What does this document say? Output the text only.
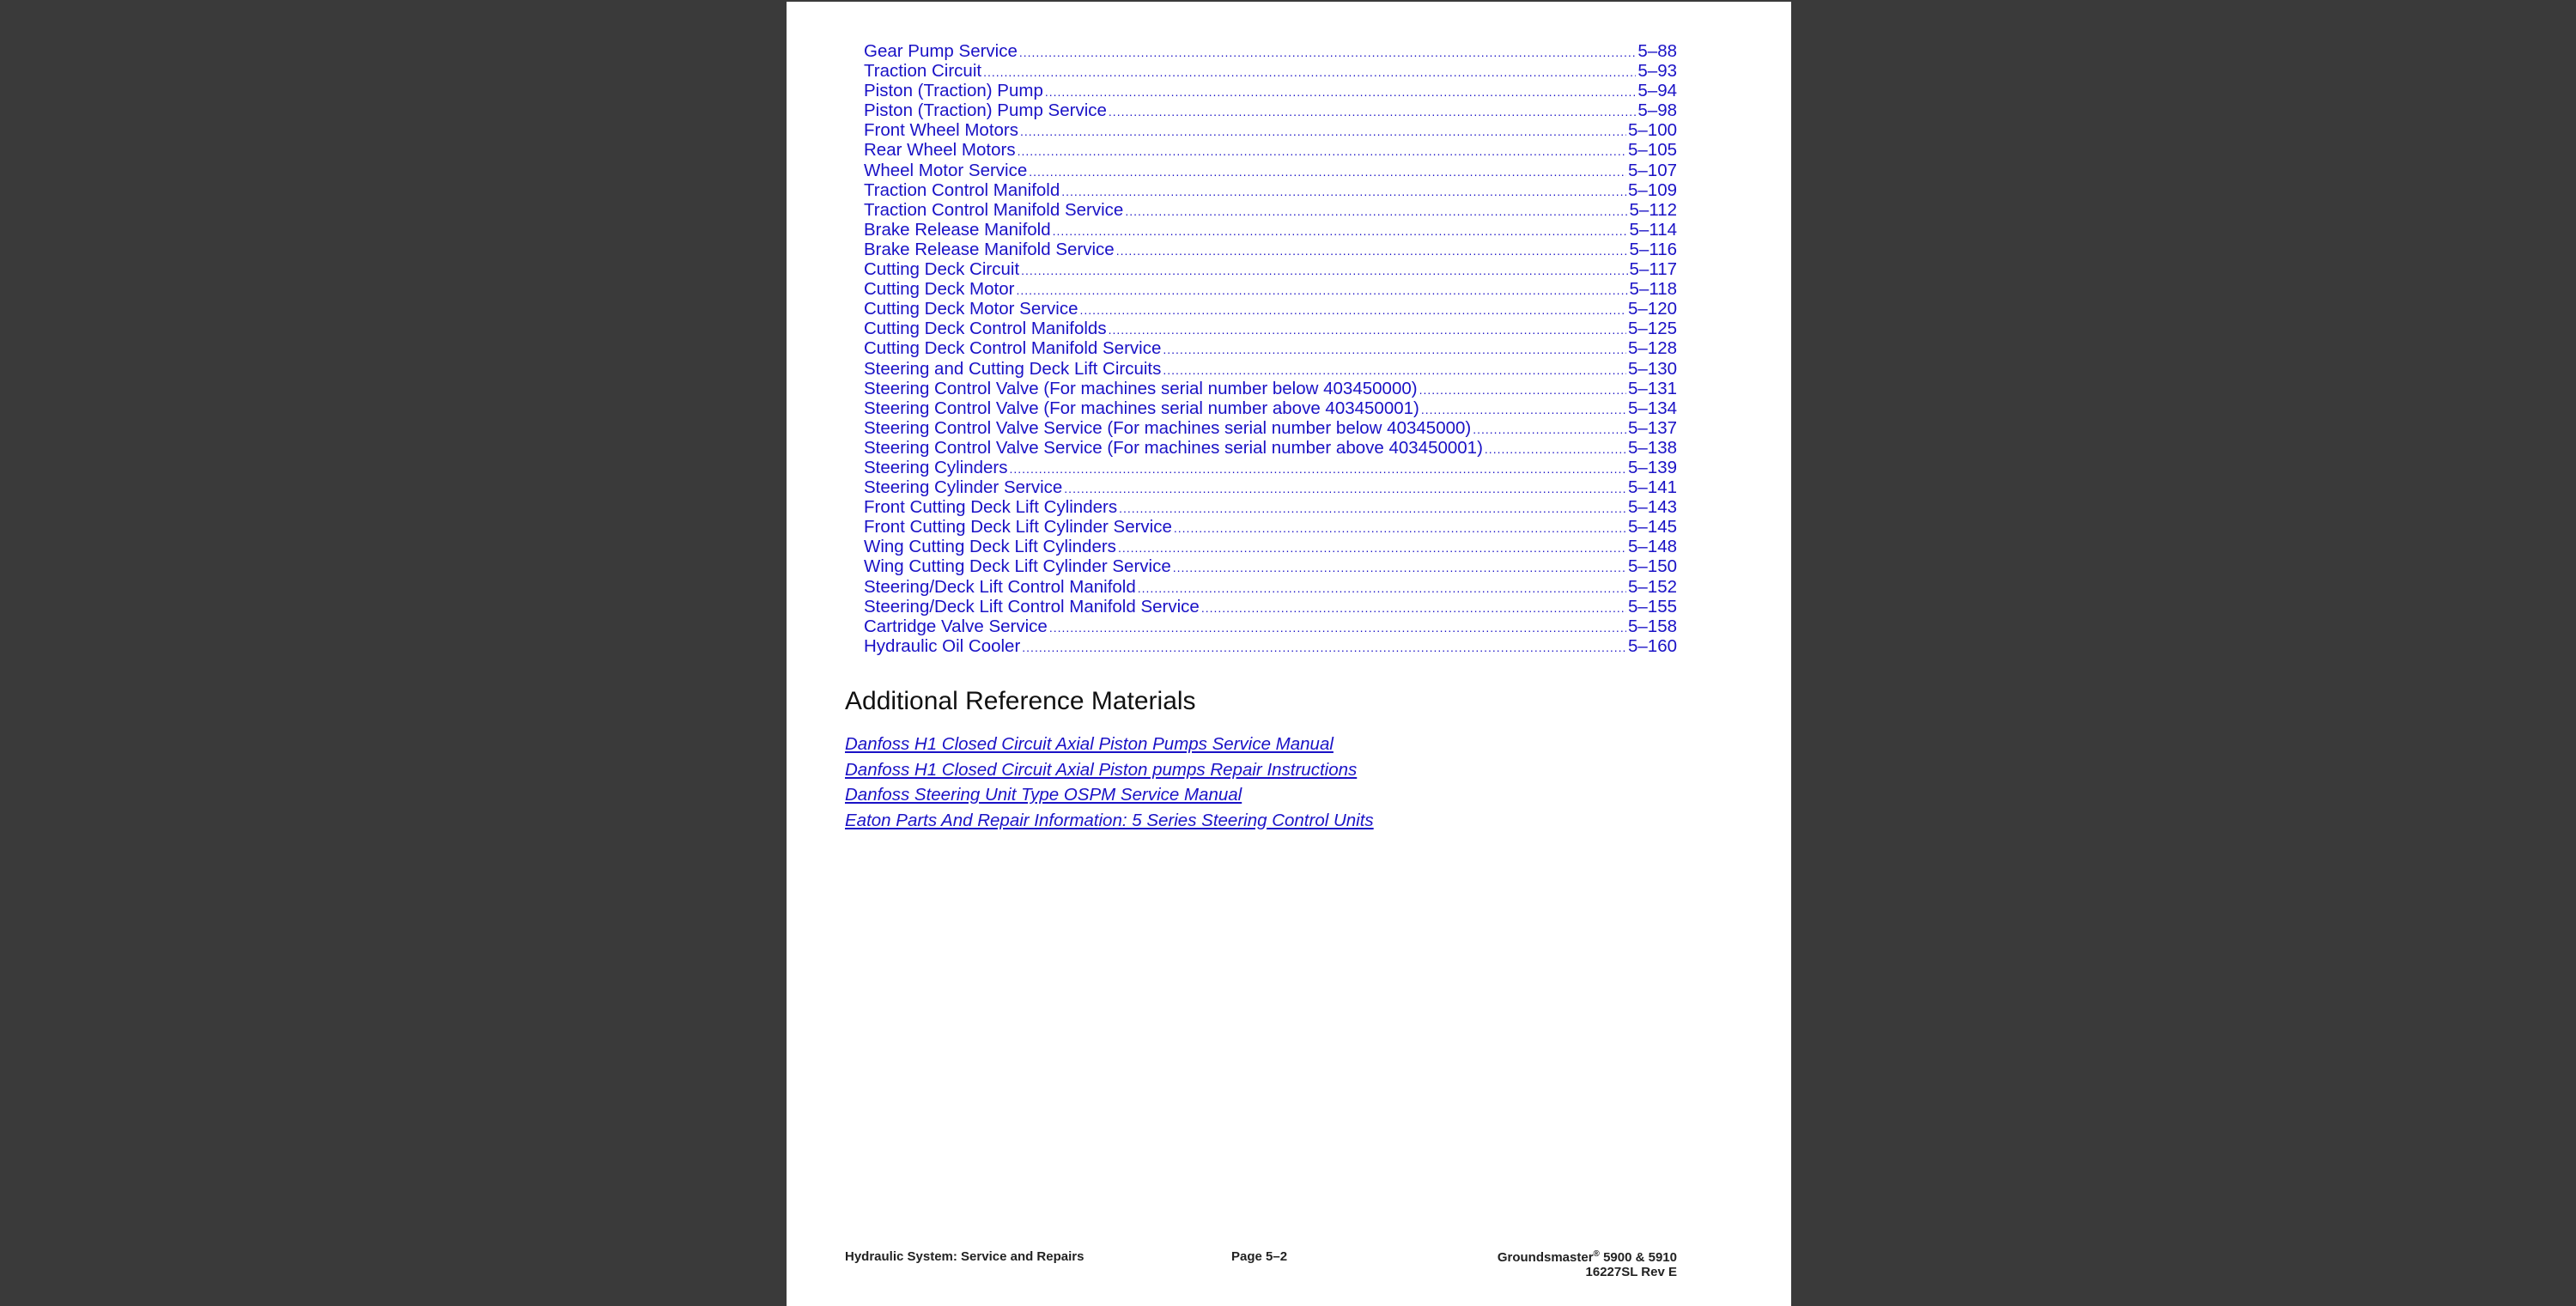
Gear Pump Service .....	5–88
Traction Circuit .....	5–93
Piston (Traction) Pump .....	5–94
Piston (Traction) Pump Service .....	5–98
Front Wheel Motors .....	5–100
Rear Wheel Motors .....	5–105
Wheel Motor Service .....	5–107
Traction Control Manifold .....	5–109
Traction Control Manifold Service .....	5–112
Brake Release Manifold .....	5–114
Brake Release Manifold Service .....	5–116
Cutting Deck Circuit .....	5–117
Cutting Deck Motor .....	5–118
Cutting Deck Motor Service .....	5–120
Cutting Deck Control Manifolds .....	5–125
Cutting Deck Control Manifold Service .....	5–128
Steering and Cutting Deck Lift Circuits .....	5–130
Steering Control Valve (For machines serial number below 403450000) .....	5–131
Steering Control Valve (For machines serial number above 403450001) .....	5–134
Steering Control Valve Service (For machines serial number below 40345000) .....	5–137
Steering Control Valve Service (For machines serial number above 403450001) .....	5–138
Steering Cylinders .....	5–139
Steering Cylinder Service .....	5–141
Front Cutting Deck Lift Cylinders .....	5–143
Front Cutting Deck Lift Cylinder Service .....	5–145
Wing Cutting Deck Lift Cylinders .....	5–148
Wing Cutting Deck Lift Cylinder Service .....	5–150
Steering/Deck Lift Control Manifold .....	5–152
Steering/Deck Lift Control Manifold Service .....	5–155
Cartridge Valve Service .....	5–158
Hydraulic Oil Cooler .....	5–160
Additional Reference Materials
Danfoss H1 Closed Circuit Axial Piston Pumps Service Manual
Danfoss H1 Closed Circuit Axial Piston pumps Repair Instructions
Danfoss Steering Unit Type OSPM Service Manual
Eaton Parts And Repair Information: 5 Series Steering Control Units
Hydraulic System: Service and Repairs	Page 5–2	Groundsmaster® 5900 & 5910
16227SL Rev E
